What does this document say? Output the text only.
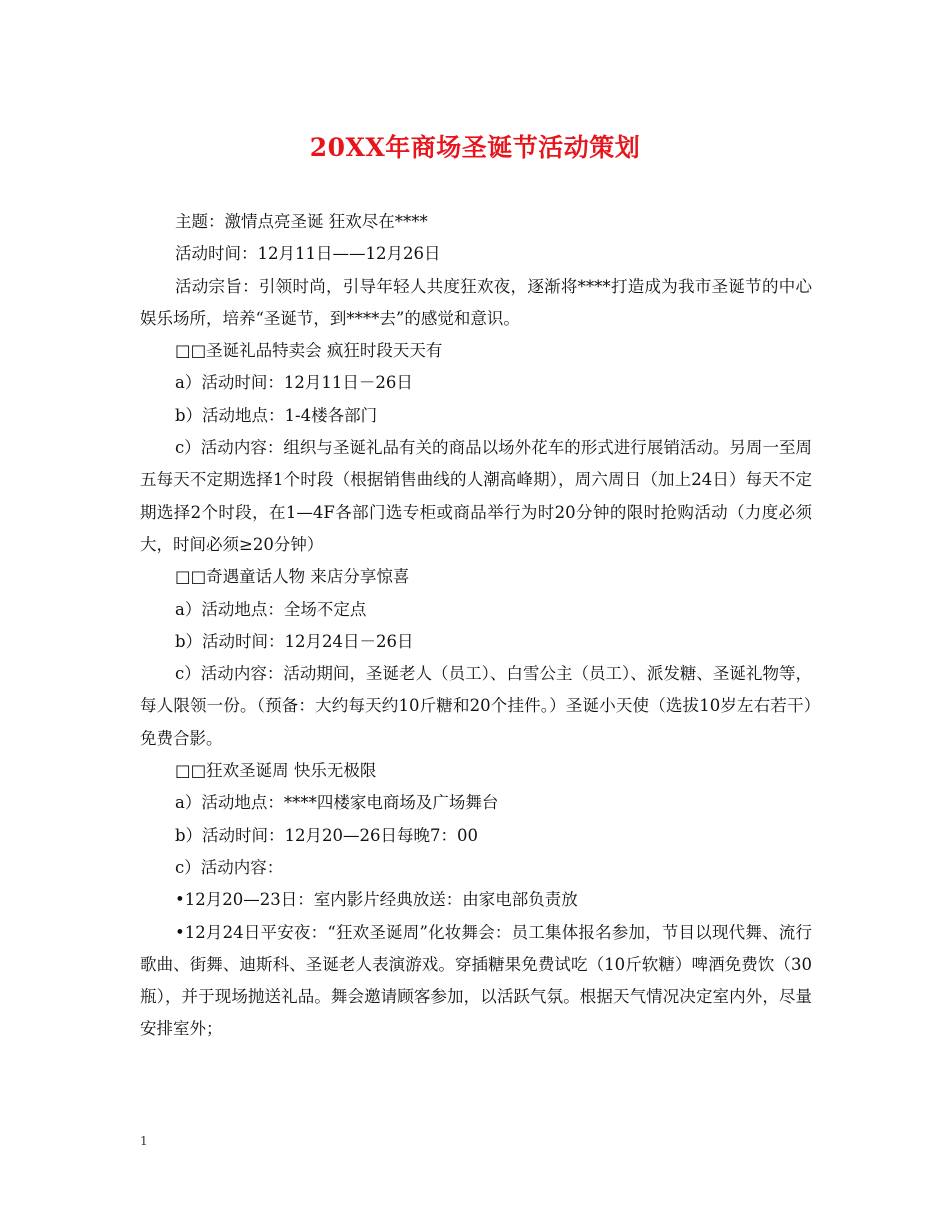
20XX年商场圣诞节活动策划

主题：激情点亮圣诞 狂欢尽在****

活动时间：12月11日——12月26日

活动宗旨：引领时尚，引导年轻人共度狂欢夜，逐渐将****打造成为我市圣诞节的中心娱乐场所，培养“圣诞节，到****去”的感觉和意识。

□□圣诞礼品特卖会 疯狂时段天天有

a）活动时间：12月11日－26日

b）活动地点：1-4楼各部门

c）活动内容：组织与圣诞礼品有关的商品以场外花车的形式进行展销活动。另周一至周五每天不定期选择1个时段（根据销售曲线的人潮高峰期），周六周日（加上24日）每天不定期选择2个时段，在1—4F各部门选专柜或商品举行为时20分钟的限时抢购活动（力度必须大，时间必须≥20分钟）

□□奇遇童话人物 来店分享惊喜

a）活动地点：全场不定点

b）活动时间：12月24日－26日

c）活动内容：活动期间，圣诞老人（员工）、白雪公主（员工）、派发糖、圣诞礼物等，每人限领一份。（预备：大约每天约10斤糖和20个挂件。）圣诞小天使（选拔10岁左右若干）免费合影。

□□狂欢圣诞周 快乐无极限

a）活动地点：****四楼家电商场及广场舞台

b）活动时间：12月20—26日每晚7：00

c）活动内容：

•12月20—23日：室内影片经典放送：由家电部负责放

•12月24日平安夜：“狂欢圣诞周”化妆舞会：员工集体报名参加，节目以现代舞、流行歌曲、街舞、迪斯科、圣诞老人表演游戏。穿插糖果免费试吃（10斤软糖）啤酒免费饮（30瓶），并于现场抛送礼品。舞会邀请顾客参加，以活跃气氛。根据天气情况决定室内外，尽量安排室外；

1
